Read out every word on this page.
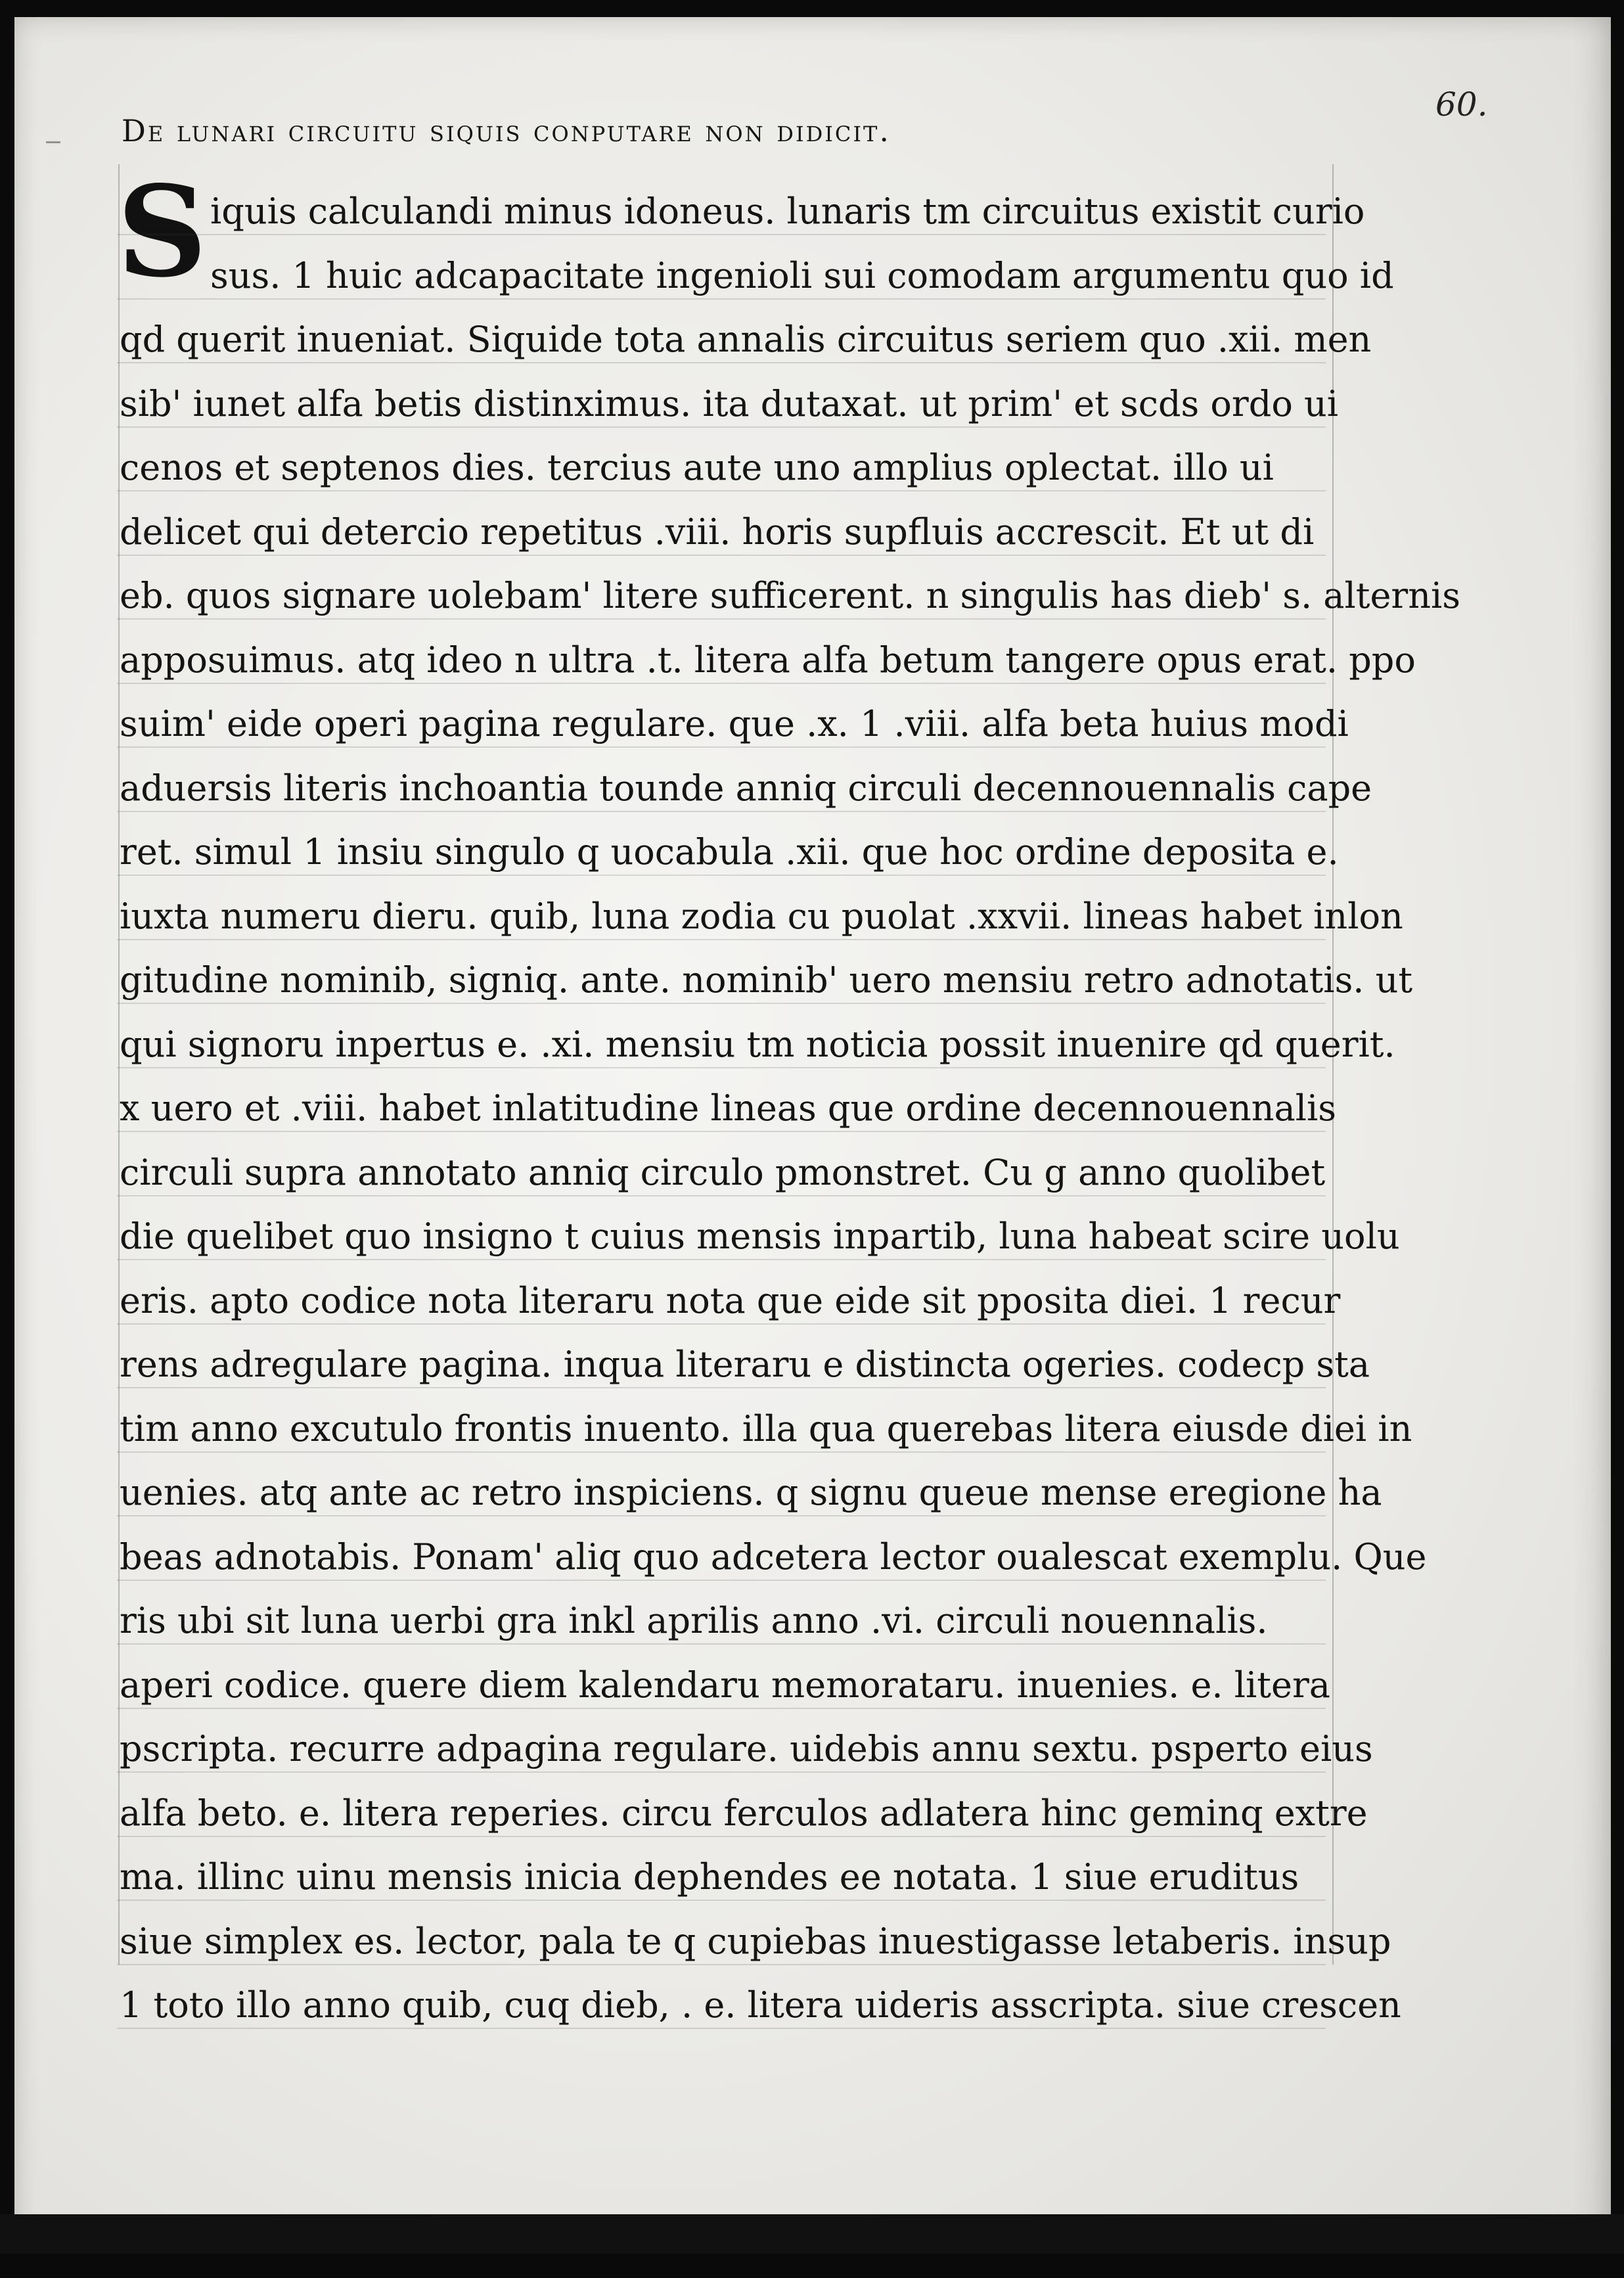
60.
De lunari circuitu siquis conputare non didicit.
S iquis calculandi minus idoneus. lunaris tm circuitus existit curio
sus. 1 huic adcapacitate ingenioli sui comodam argumentu quo id
qd querit inueniat. Siquide tota annalis circuitus seriem quo .xii. men
sib' iunet alfa betis distinximus. ita dutaxat. ut prim' et scds ordo ui
cenos et septenos dies. tercius aute uno amplius oplectat. illo ui
delicet qui detercio repetitus .viii. horis supfluis accrescit. Et ut di
eb. quos signare uolebam' litere sufficerent. n singulis has dieb' s. alternis
apposuimus. atq ideo n ultra .t. litera alfa betum tangere opus erat. ppo
suim' eide operi pagina regulare. que .x. 1 .viii. alfa beta huius modi
aduersis literis inchoantia tounde anniq circuli decennouennalis cape
ret. simul 1 insiu singulo q uocabula .xii. que hoc ordine deposita e.
iuxta numeru dieru. quib, luna zodia cu puolat .xxvii. lineas habet inlon
gitudine nominib, signiq. ante. nominib' uero mensiu retro adnotatis. ut
qui signoru inpertus e. .xi. mensiu tm noticia possit inuenire qd querit.
x uero et .viii. habet inlatitudine lineas que ordine decennouennalis
circuli supra annotato anniq circulo pmonstret. Cu g anno quolibet
die quelibet quo insigno t cuius mensis inpartib, luna habeat scire uolu
eris. apto codice nota literaru nota que eide sit pposita diei. 1 recur
rens adregulare pagina. inqua literaru e distincta ogeries. codecp sta
tim anno excutulo frontis inuento. illa qua querebas litera eiusde diei in
uenies. atq ante ac retro inspiciens. q signu queue mense eregione ha
beas adnotabis. Ponam' aliq quo adcetera lector oualescat exemplu. Que
ris ubi sit luna uerbi gra inkl aprilis anno .vi. circuli nouennalis.
aperi codice. quere diem kalendaru memorataru. inuenies. e. litera
pscripta. recurre adpagina regulare. uidebis annu sextu. psperto eius
alfa beto. e. litera reperies. circu ferculos adlatera hinc geminq extre
ma. illinc uinu mensis inicia dephendes ee notata. 1 siue eruditus
siue simplex es. lector, pala te q cupiebas inuestigasse letaberis. insup
1 toto illo anno quib, cuq dieb, . e. litera uideris asscripta. siue crescen
